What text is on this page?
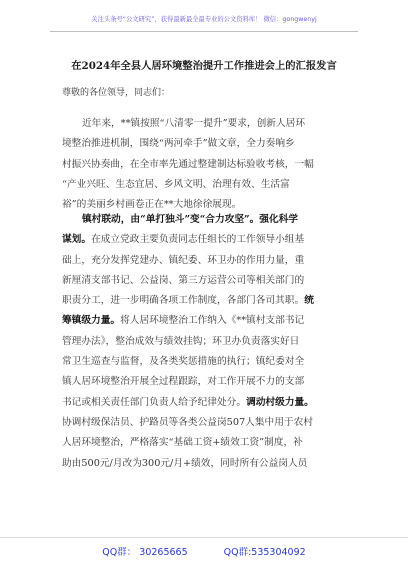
关注头条号“公文研究”，获得最新最全最专业的公文资料库！ 微信：gongwenyj
在2024年全县人居环境整治提升工作推进会上的汇报发言
尊敬的各位领导，同志们：
近年来，**镇按照“八清零一提升”要求，创新人居环
境整治推进机制，围绕“两河牵手”做文章，全力奏响乡
村振兴协奏曲，在全市率先通过整建制达标验收考核，一幅
“产业兴旺、生态宜居、乡风文明、治理有效、生活富
裕”的美丽乡村画卷正在**大地徐徐展现。
镇村联动，由“单打独斗”变“合力攻坚”。强化科学
谋划。在成立党政主要负责同志任组长的工作领导小组基
础上，充分发挥党建办、镇纪委、环卫办的作用力量，重
新厘清支部书记、公益岗、第三方运营公司等相关部门的
职责分工，进一步明确各项工作制度，各部门各司其职。统
筹镇级力量。将人居环境整治工作纳入《**镇村支部书记
管理办法》，整治成效与绩效挂钩；环卫办负责落实好日
常卫生巡查与监督，及各类奖惩措施的执行；镇纪委对全
镇人居环境整治开展全过程跟踪，对工作开展不力的支部
书记或相关责任部门负责人给予纪律处分。调动村级力量。
协调村级保洁员、护路员等各类公益岗507人集中用于农村
人居环境整治，严格落实“基础工资+绩效工资”制度，补
助由500元/月改为300元/月+绩效，同时所有公益岗人员
QQ群： 30265665	QQ群:535304092
